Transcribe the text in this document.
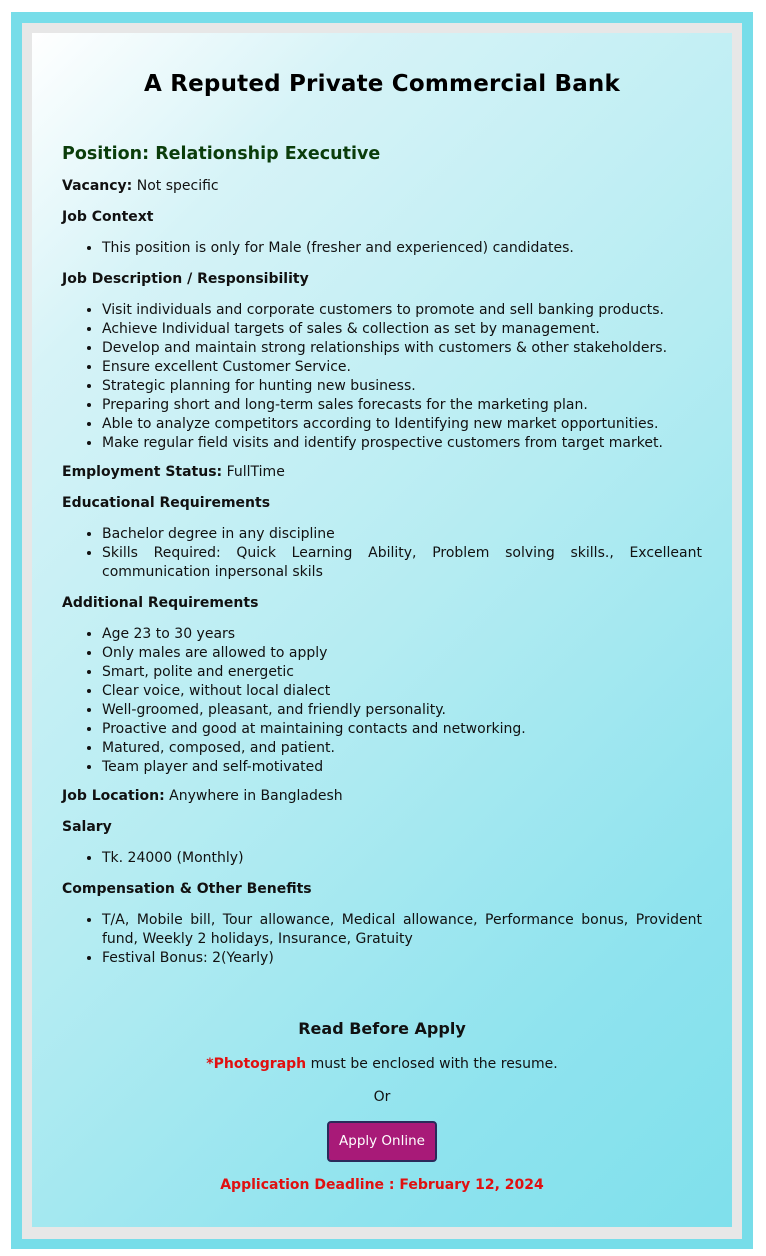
A Reputed Private Commercial Bank
Position: Relationship Executive
Vacancy: Not specific
Job Context
• This position is only for Male (fresher and experienced) candidates.
Job Description / Responsibility
• Visit individuals and corporate customers to promote and sell banking products.
• Achieve Individual targets of sales & collection as set by management.
• Develop and maintain strong relationships with customers & other stakeholders.
• Ensure excellent Customer Service.
• Strategic planning for hunting new business.
• Preparing short and long-term sales forecasts for the marketing plan.
• Able to analyze competitors according to Identifying new market opportunities.
• Make regular field visits and identify prospective customers from target market.
Employment Status: FullTime
Educational Requirements
• Bachelor degree in any discipline
• Skills Required: Quick Learning Ability, Problem solving skills., Excelleant communication inpersonal skils
Additional Requirements
• Age 23 to 30 years
• Only males are allowed to apply
• Smart, polite and energetic
• Clear voice, without local dialect
• Well-groomed, pleasant, and friendly personality.
• Proactive and good at maintaining contacts and networking.
• Matured, composed, and patient.
• Team player and self-motivated
Job Location: Anywhere in Bangladesh
Salary
• Tk. 24000 (Monthly)
Compensation & Other Benefits
• T/A, Mobile bill, Tour allowance, Medical allowance, Performance bonus, Provident fund, Weekly 2 holidays, Insurance, Gratuity
• Festival Bonus: 2(Yearly)
Read Before Apply
*Photograph must be enclosed with the resume.
Or
Apply Online
Application Deadline : February 12, 2024
